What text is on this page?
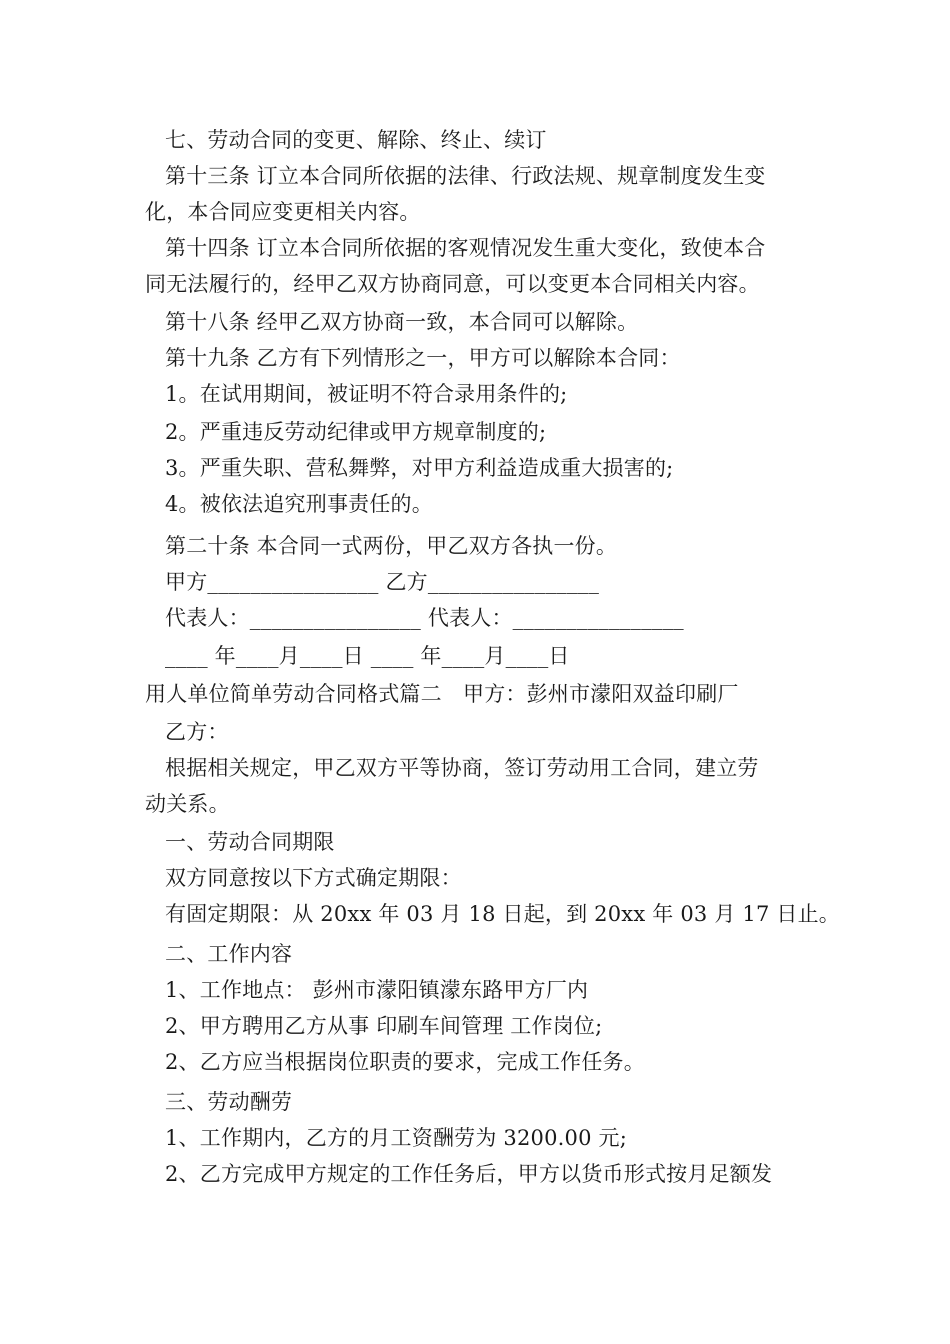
七、劳动合同的变更、解除、终止、续订
第十三条 订立本合同所依据的法律、行政法规、规章制度发生变
化，本合同应变更相关内容。
第十四条 订立本合同所依据的客观情况发生重大变化，致使本合
同无法履行的，经甲乙双方协商同意，可以变更本合同相关内容。
第十八条 经甲乙双方协商一致，本合同可以解除。
第十九条 乙方有下列情形之一，甲方可以解除本合同：
1。在试用期间，被证明不符合录用条件的;
2。严重违反劳动纪律或甲方规章制度的;
3。严重失职、营私舞弊，对甲方利益造成重大损害的;
4。被依法追究刑事责任的。
第二十条 本合同一式两份，甲乙双方各执一份。
甲方________________ 乙方________________
代表人：________________ 代表人：________________
____ 年____月____日 ____ 年____月____日
用人单位简单劳动合同格式篇二　甲方：彭州市濛阳双益印刷厂
乙方：
根据相关规定，甲乙双方平等协商，签订劳动用工合同，建立劳
动关系。
一、劳动合同期限
双方同意按以下方式确定期限：
有固定期限：从 20xx 年 03 月 18 日起，到 20xx 年 03 月 17 日止。
二、工作内容
1、工作地点： 彭州市濛阳镇濛东路甲方厂内
2、甲方聘用乙方从事 印刷车间管理 工作岗位;
2、乙方应当根据岗位职责的要求，完成工作任务。
三、劳动酬劳
1、工作期内，乙方的月工资酬劳为 3200.00 元;
2、乙方完成甲方规定的工作任务后，甲方以货币形式按月足额发
